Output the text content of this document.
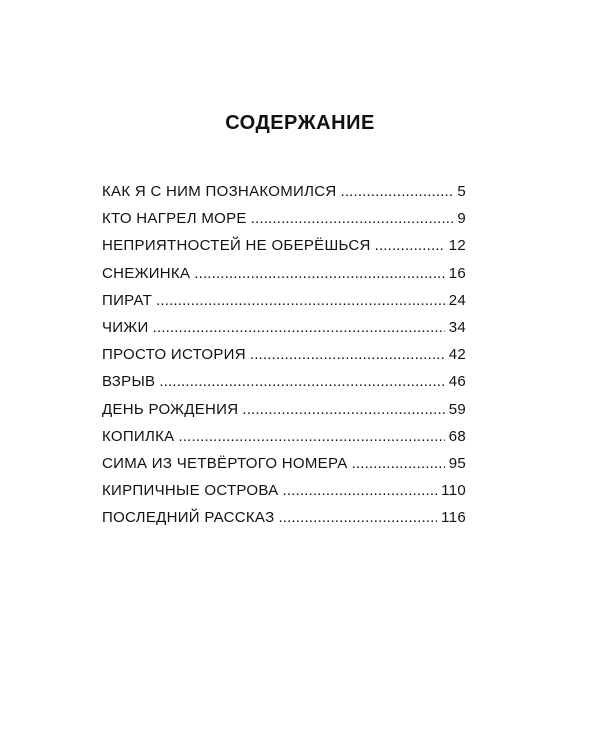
СОДЕРЖАНИЕ
КАК Я С НИМ ПОЗНАКОМИЛСЯ . . .	5
КТО НАГРЕЛ МОРЕ . . .	9
НЕПРИЯТНОСТЕЙ НЕ ОБЕРЁШЬСЯ . . .	12
СНЕЖИНКА . . .	16
ПИРАТ . . .	24
ЧИЖИ . . .	34
ПРОСТО ИСТОРИЯ . . .	42
ВЗРЫВ . . .	46
ДЕНЬ РОЖДЕНИЯ . . .	59
КОПИЛКА . . .	68
СИМА ИЗ ЧЕТВЁРТОГО НОМЕРА . . .	95
КИРПИЧНЫЕ ОСТРОВА . . .	110
ПОСЛЕДНИЙ РАССКАЗ . . .	116
